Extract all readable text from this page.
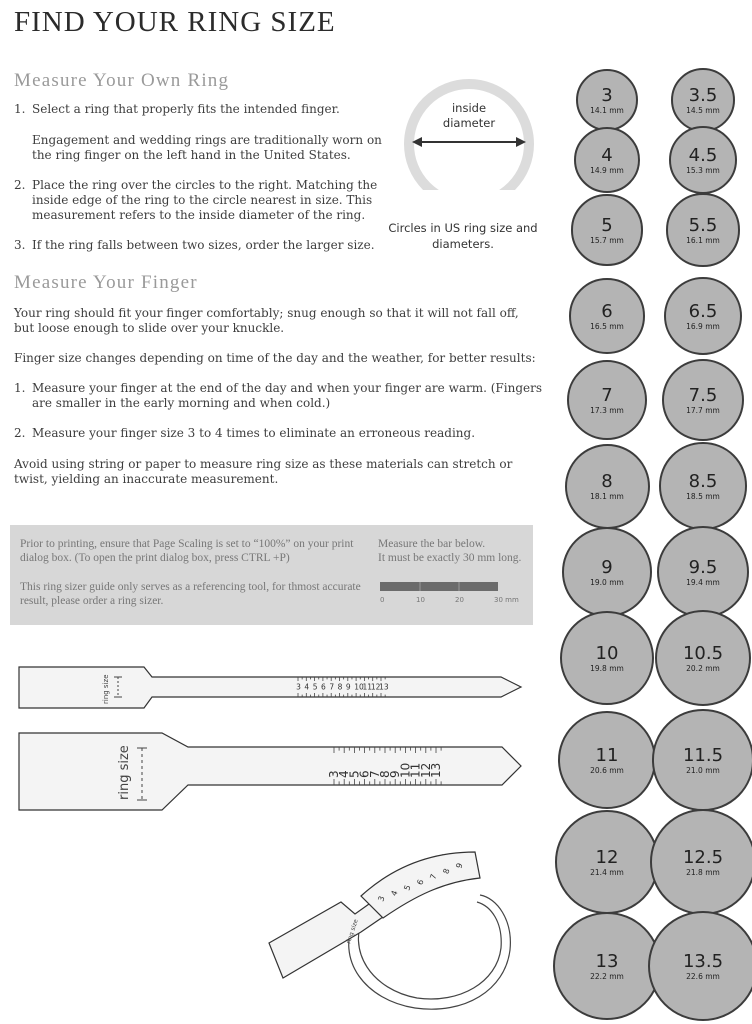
FIND YOUR RING SIZE
Measure Your Own Ring
1. Select a ring that properly fits the intended finger.

Engagement and wedding rings are traditionally worn on the ring finger on the left hand in the United States.

2. Place the ring over the circles to the right. Matching the inside edge of the ring to the circle nearest in size. This measurement refers to the inside diameter of the ring.

3. If the ring falls between two sizes, order the larger size.

inside
diameter

Circles in US ring size and diameters.

Measure Your Finger

Your ring should fit your finger comfortably; snug enough so that it will not fall off, but loose enough to slide over your knuckle.

Finger size changes depending on time of the day and the weather, for better results:

1. Measure your finger at the end of the day and when your finger are warm. (Fingers are smaller in the early morning and when cold.)

2. Measure your finger size 3 to 4 times to eliminate an erroneous reading.

Avoid using string or paper to measure ring size as these materials can stretch or twist, yielding an inaccurate measurement.

Prior to printing, ensure that Page Scaling is set to “100%” on your print dialog box. (To open the print dialog box, press CTRL +P)

This ring sizer guide only serves as a referencing tool, for thmost accurate result, please order a ring sizer.

Measure the bar below.

It must be exactly 30 mm long.

0	10	20	30 mm
ring size	3 4 5 6 7 8 9 10
11
12
13
ring size	3
4
5
6
7
8
9
10
11
12
13
3
4
5
6
7
8
9
ring size
3
14.1 mm
3.5
14.5 mm
4
14.9 mm
4.5
15.3 mm
5
15.7 mm
5.5
16.1 mm
6
16.5 mm
6.5
16.9 mm
7
17.3 mm
7.5
17.7 mm
8
18.1 mm
8.5
18.5 mm
9
19.0 mm
9.5
19.4 mm
10
19.8 mm
10.5
20.2 mm
11
20.6 mm
11.5
21.0 mm
12
21.4 mm
12.5
21.8 mm
13
22.2 mm
13.5
22.6 mm
